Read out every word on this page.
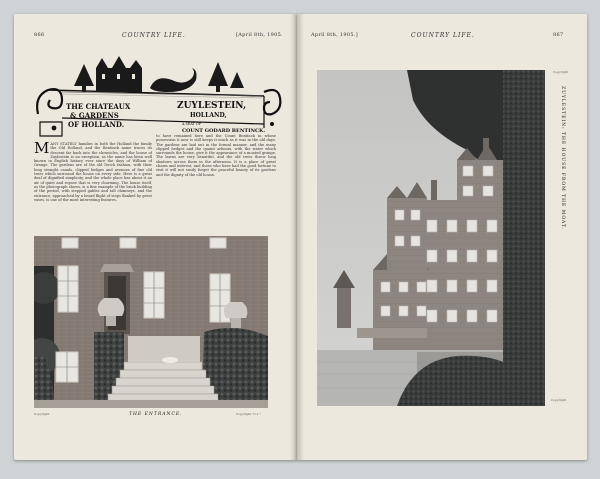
866	COUNTRY LIFE.	[April 8th, 1905.
THE CHATEAUX	ZUYLESTEIN,
& GARDENS	HOLLAND,
OF HOLLAND.	A SEAT OF
COUNT GODARD BENTINCK.
MANY STATELY families in both the Holland the family the Old Holland, and the Bentinck name traces its descent far back into the chronicles, and the house of Zuylestein is no exception, as the name has been well known in English history ever since the days of William of Orange. The gardens are of the old Dutch fashion, with their long straight canals, clipped hedges and avenues of fine old trees which surround the house on every side. Here is a great deal of dignified simplicity, and the whole place has about it an air of quiet and repose that is very charming. The house itself, as the photograph shows, is a fine example of the brick building of the period, with stepped gables and tall chimneys, and the entrance, approached by a broad flight of steps flanked by great vases, is one of the most interesting features.
to have remained here and the Count Bentinck in whose possession it now is still keeps it much as it was in the old days. The gardens are laid out in the formal manner, and the many clipped hedges and the quaint arbours, with the water which surrounds the house, give it the appearance of a moated grange. The lawns are very beautiful, and the old trees throw long shadows across them in the afternoon. It is a place of great charm and interest, and those who have had the good fortune to visit it will not easily forget the peaceful beauty of its gardens and the dignity of the old house.
Copyright	THE ENTRANCE.	Copyright "C.L."
April 8th, 1905.]	COUNTRY LIFE.	867
ZUYLESTEIN: THE HOUSE FROM THE MOAT.
Copyright
Copyright
